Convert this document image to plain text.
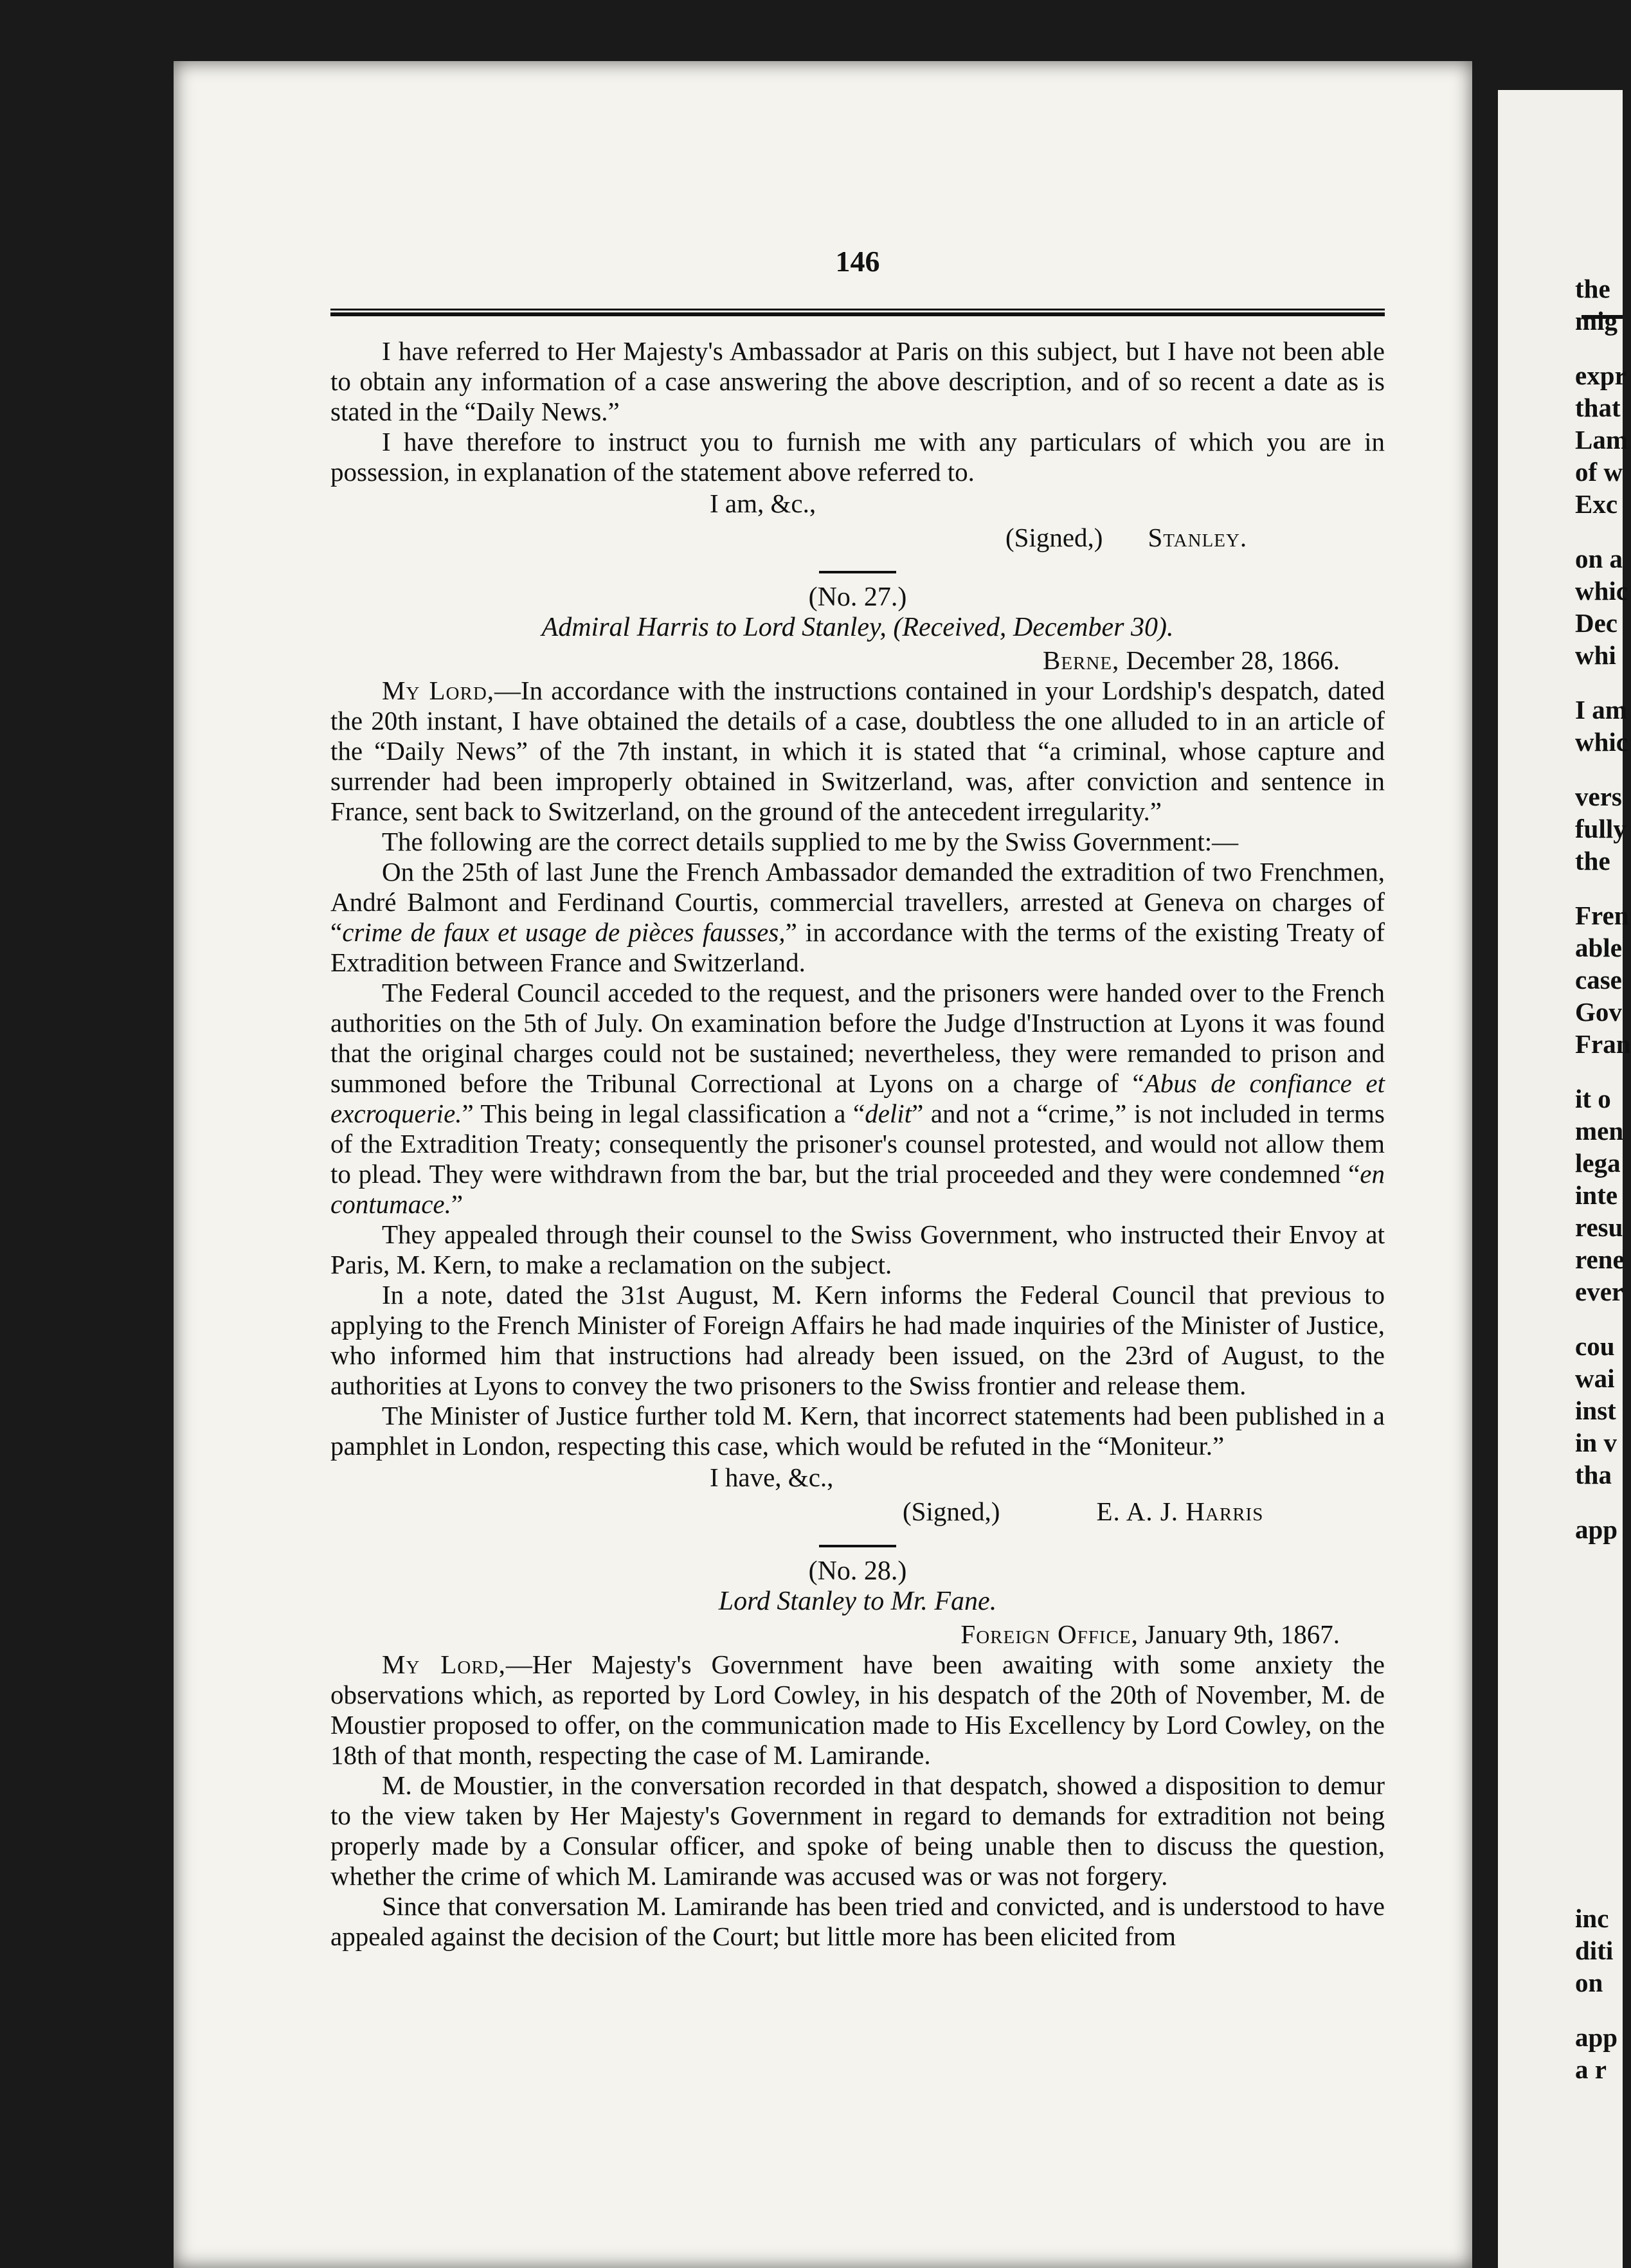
146

I have referred to Her Majesty's Ambassador at Paris on this subject, but I have not been able to obtain any information of a case answering the above description, and of so recent a date as is stated in the “Daily News.”

I have therefore to instruct you to furnish me with any particulars of which you are in possession, in explanation of the statement above referred to.

I am, &c.,

(Signed,) Stanley.

(No. 27.)

Admiral Harris to Lord Stanley, (Received, December 30).

Berne, December 28, 1866.

My Lord,—In accordance with the instructions contained in your Lordship's despatch, dated the 20th instant, I have obtained the details of a case, doubtless the one alluded to in an article of the “Daily News” of the 7th instant, in which it is stated that “a criminal, whose capture and surrender had been improperly obtained in Switzerland, was, after conviction and sentence in France, sent back to Switzerland, on the ground of the antecedent irregularity.”

The following are the correct details supplied to me by the Swiss Government:—

On the 25th of last June the French Ambassador demanded the extradition of two Frenchmen, André Balmont and Ferdinand Courtis, commercial travellers, arrested at Geneva on charges of “crime de faux et usage de pièces fausses,” in accordance with the terms of the existing Treaty of Extradition between France and Switzerland.

The Federal Council acceded to the request, and the prisoners were handed over to the French authorities on the 5th of July. On examination before the Judge d'Instruction at Lyons it was found that the original charges could not be sustained; nevertheless, they were remanded to prison and summoned before the Tribunal Correctional at Lyons on a charge of “Abus de confiance et excroquerie.” This being in legal classification a “delit” and not a “crime,” is not included in terms of the Extradition Treaty; consequently the prisoner's counsel protested, and would not allow them to plead. They were withdrawn from the bar, but the trial proceeded and they were condemned “en contumace.”

They appealed through their counsel to the Swiss Government, who instructed their Envoy at Paris, M. Kern, to make a reclamation on the subject.

In a note, dated the 31st August, M. Kern informs the Federal Council that previous to applying to the French Minister of Foreign Affairs he had made inquiries of the Minister of Justice, who informed him that instructions had already been issued, on the 23rd of August, to the authorities at Lyons to convey the two prisoners to the Swiss frontier and release them.

The Minister of Justice further told M. Kern, that incorrect statements had been published in a pamphlet in London, respecting this case, which would be refuted in the “Moniteur.”

I have, &c.,

(Signed,)	E. A. J. Harris

(No. 28.)

Lord Stanley to Mr. Fane.

Foreign Office, January 9th, 1867.

My Lord,—Her Majesty's Government have been awaiting with some anxiety the observations which, as reported by Lord Cowley, in his despatch of the 20th of November, M. de Moustier proposed to offer, on the communication made to His Excellency by Lord Cowley, on the 18th of that month, respecting the case of M. Lamirande.

M. de Moustier, in the conversation recorded in that despatch, showed a disposition to demur to the view taken by Her Majesty's Government in regard to demands for extradition not being properly made by a Consular officer, and spoke of being unable then to discuss the question, whether the crime of which M. Lamirande was accused was or was not forgery.

Since that conversation M. Lamirande has been tried and convicted, and is understood to have appealed against the decision of the Court; but little more has been elicited from

the
mig
expr
that
Lam
of w
Exc
on a
whic
Dec
whi
I am
whic
vers
fully
the
Fren
able
case
Gov
Fran
it o
men
lega
inte
resu
rene
ever
cou
wai
inst
in v
tha
app
inc
diti
on
app
a r
